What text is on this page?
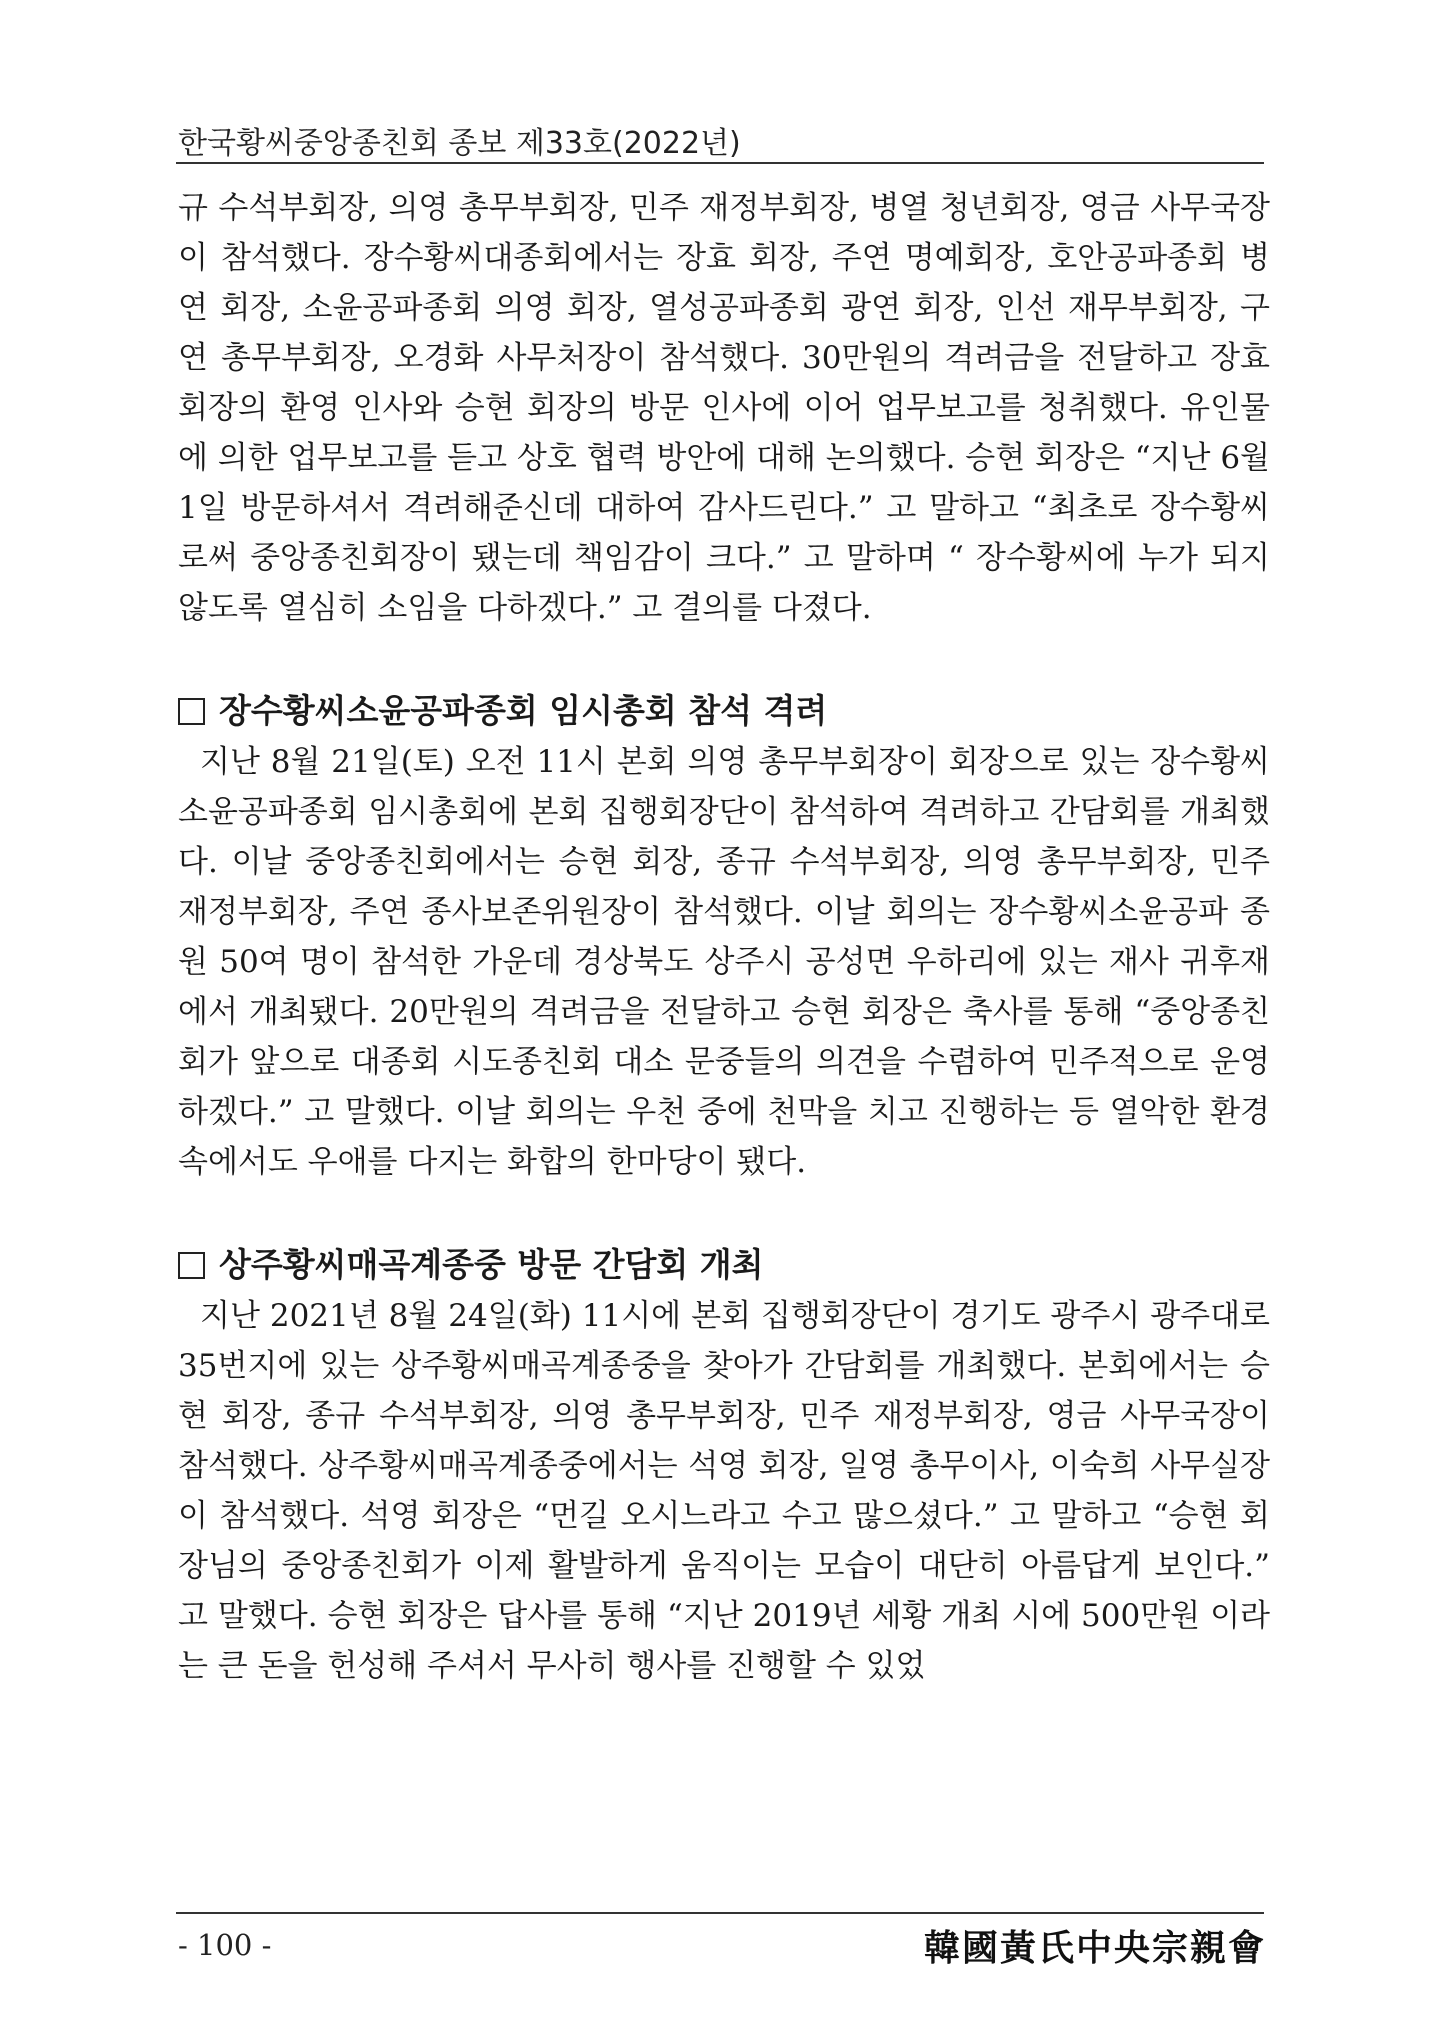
한국황씨중앙종친회 종보 제33호(2022년)

규 수석부회장, 의영 총무부회장, 민주 재정부회장, 병열 청년회장, 영금 사무국장이 참석했다. 장수황씨대종회에서는 장효 회장, 주연 명예회장, 호안공파종회 병연 회장, 소윤공파종회 의영 회장, 열성공파종회 광연 회장, 인선 재무부회장, 구연 총무부회장, 오경화 사무처장이 참석했다. 30만원의 격려금을 전달하고 장효 회장의 환영 인사와 승현 회장의 방문 인사에 이어 업무보고를 청취했다. 유인물에 의한 업무보고를 듣고 상호 협력 방안에 대해 논의했다. 승현 회장은 “지난 6월 1일 방문하셔서 격려해준신데 대하여 감사드린다.” 고 말하고 “최초로 장수황씨로써 중앙종친회장이 됐는데 책임감이 크다.” 고 말하며 “ 장수황씨에 누가 되지 않도록 열심히 소임을 다하겠다.” 고 결의를 다졌다.

장수황씨소윤공파종회 임시총회 참석 격려

지난 8월 21일(토) 오전 11시 본회 의영 총무부회장이 회장으로 있는 장수황씨소윤공파종회 임시총회에 본회 집행회장단이 참석하여 격려하고 간담회를 개최했다. 이날 중앙종친회에서는 승현 회장, 종규 수석부회장, 의영 총무부회장, 민주 재정부회장, 주연 종사보존위원장이 참석했다. 이날 회의는 장수황씨소윤공파 종원 50여 명이 참석한 가운데 경상북도 상주시 공성면 우하리에 있는 재사 귀후재에서 개최됐다. 20만원의 격려금을 전달하고 승현 회장은 축사를 통해 “중앙종친회가 앞으로 대종회 시도종친회 대소 문중들의 의견을 수렴하여 민주적으로 운영하겠다.” 고 말했다. 이날 회의는 우천 중에 천막을 치고 진행하는 등 열악한 환경 속에서도 우애를 다지는 화합의 한마당이 됐다.

상주황씨매곡계종중 방문 간담회 개최

지난 2021년 8월 24일(화) 11시에 본회 집행회장단이 경기도 광주시 광주대로 35번지에 있는 상주황씨매곡계종중을 찾아가 간담회를 개최했다. 본회에서는 승현 회장, 종규 수석부회장, 의영 총무부회장, 민주 재정부회장, 영금 사무국장이 참석했다. 상주황씨매곡계종중에서는 석영 회장, 일영 총무이사, 이숙희 사무실장이 참석했다. 석영 회장은 “먼길 오시느라고 수고 많으셨다.” 고 말하고 “승현 회장님의 중앙종친회가 이제 활발하게 움직이는 모습이 대단히 아름답게 보인다.” 고 말했다. 승현 회장은 답사를 통해 “지난 2019년 세황 개최 시에 500만원 이라는 큰 돈을 헌성해 주셔서 무사히 행사를 진행할 수 있었

- 100 -	韓國黃氏中央宗親會
